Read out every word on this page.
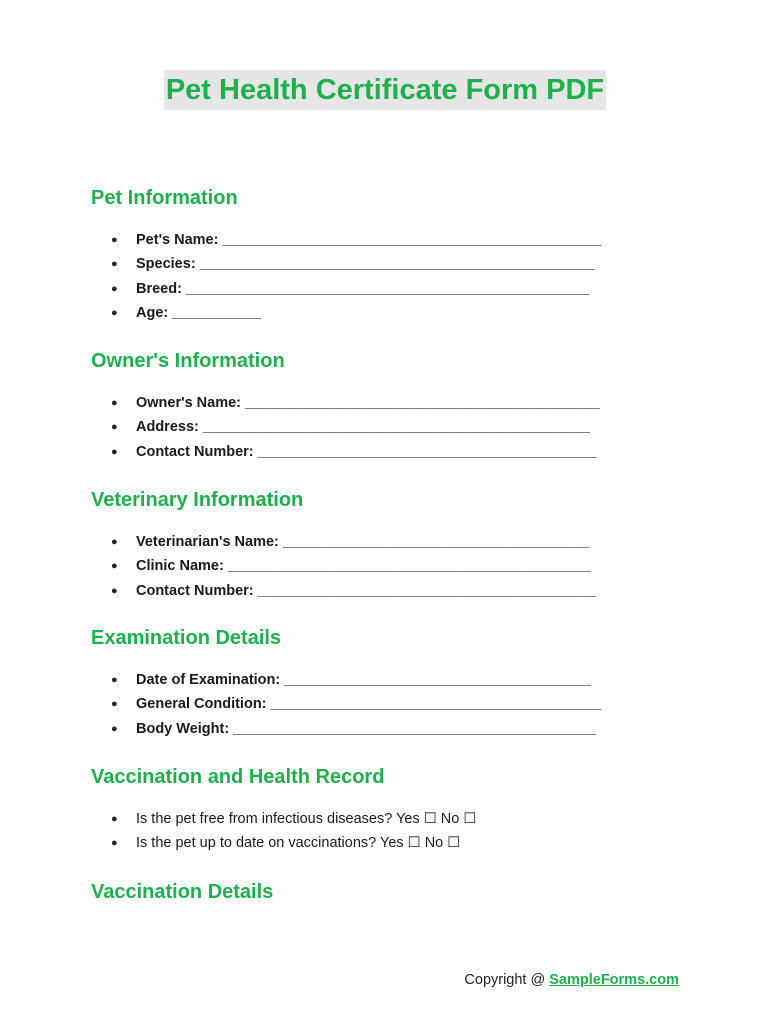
Pet Health Certificate Form PDF
Pet Information
● Pet's Name: _______________________________________________
● Species: _________________________________________________
● Breed: __________________________________________________
● Age: ___________
Owner's Information
● Owner's Name: ____________________________________________
● Address: ________________________________________________
● Contact Number: __________________________________________
Veterinary Information
● Veterinarian's Name: ______________________________________
● Clinic Name: _____________________________________________
● Contact Number: __________________________________________
Examination Details
● Date of Examination: ______________________________________
● General Condition: _________________________________________
● Body Weight: _____________________________________________
Vaccination and Health Record
● Is the pet free from infectious diseases? Yes ☐ No ☐
● Is the pet up to date on vaccinations? Yes ☐ No ☐
Vaccination Details
Copyright @ SampleForms.com
